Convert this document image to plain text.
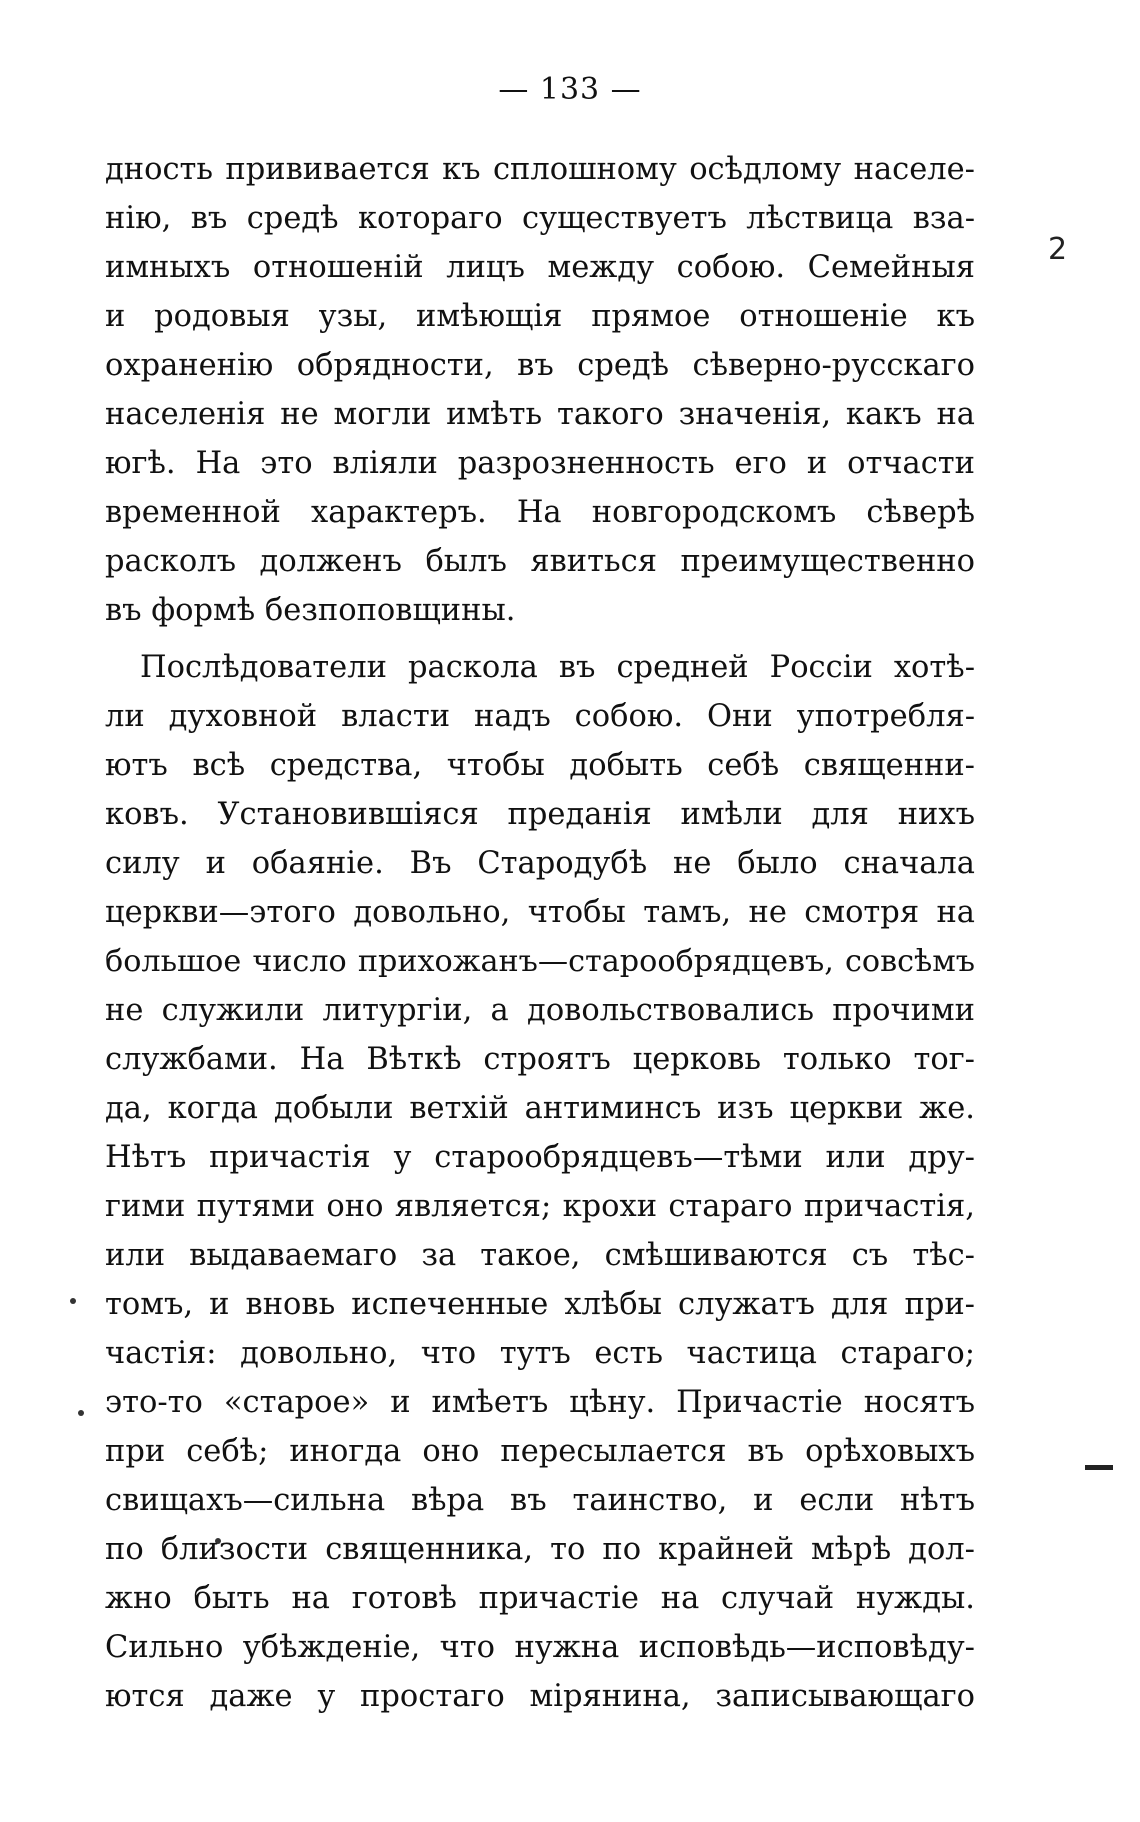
— 133 —
2
дность прививается къ сплошному осѣдлому населе-
нію, въ средѣ котораго существуетъ лѣствица вза-
имныхъ отношеній лицъ между собою. Семейныя
и родовыя узы, имѣющія прямое отношеніе къ
охраненію обрядности, въ средѣ сѣверно-русскаго
населенія не могли имѣть такого значенія, какъ на
югѣ. На это вліяли разрозненность его и отчасти
временной характеръ. На новгородскомъ сѣверѣ
расколъ долженъ былъ явиться преимущественно
въ формѣ безпоповщины.
Послѣдователи раскола въ средней Россіи хотѣ-
ли духовной власти надъ собою. Они употребля-
ютъ всѣ средства, чтобы добыть себѣ священни-
ковъ. Установившіяся преданія имѣли для нихъ
силу и обаяніе. Въ Стародубѣ не было сначала
церкви—этого довольно, чтобы тамъ, не смотря на
большое число прихожанъ—старообрядцевъ, совсѣмъ
не служили литургіи, а довольствовались прочими
службами. На Вѣткѣ строятъ церковь только тог-
да, когда добыли ветхій антиминсъ изъ церкви же.
Нѣтъ причастія у старообрядцевъ—тѣми или дру-
гими путями оно является; крохи стараго причастія,
или выдаваемаго за такое, смѣшиваются съ тѣс-
томъ, и вновь испеченные хлѣбы служатъ для при-
частія: довольно, что тутъ есть частица стараго;
это-то «старое» и имѣетъ цѣну. Причастіе носятъ
при себѣ; иногда оно пересылается въ орѣховыхъ
свищахъ—сильна вѣра въ таинство, и если нѣтъ
по близости священника, то по крайней мѣрѣ дол-
жно быть на готовѣ причастіе на случай нужды.
Сильно убѣжденіе, что нужна исповѣдь—исповѣду-
ются даже у простаго мірянина, записывающаго
